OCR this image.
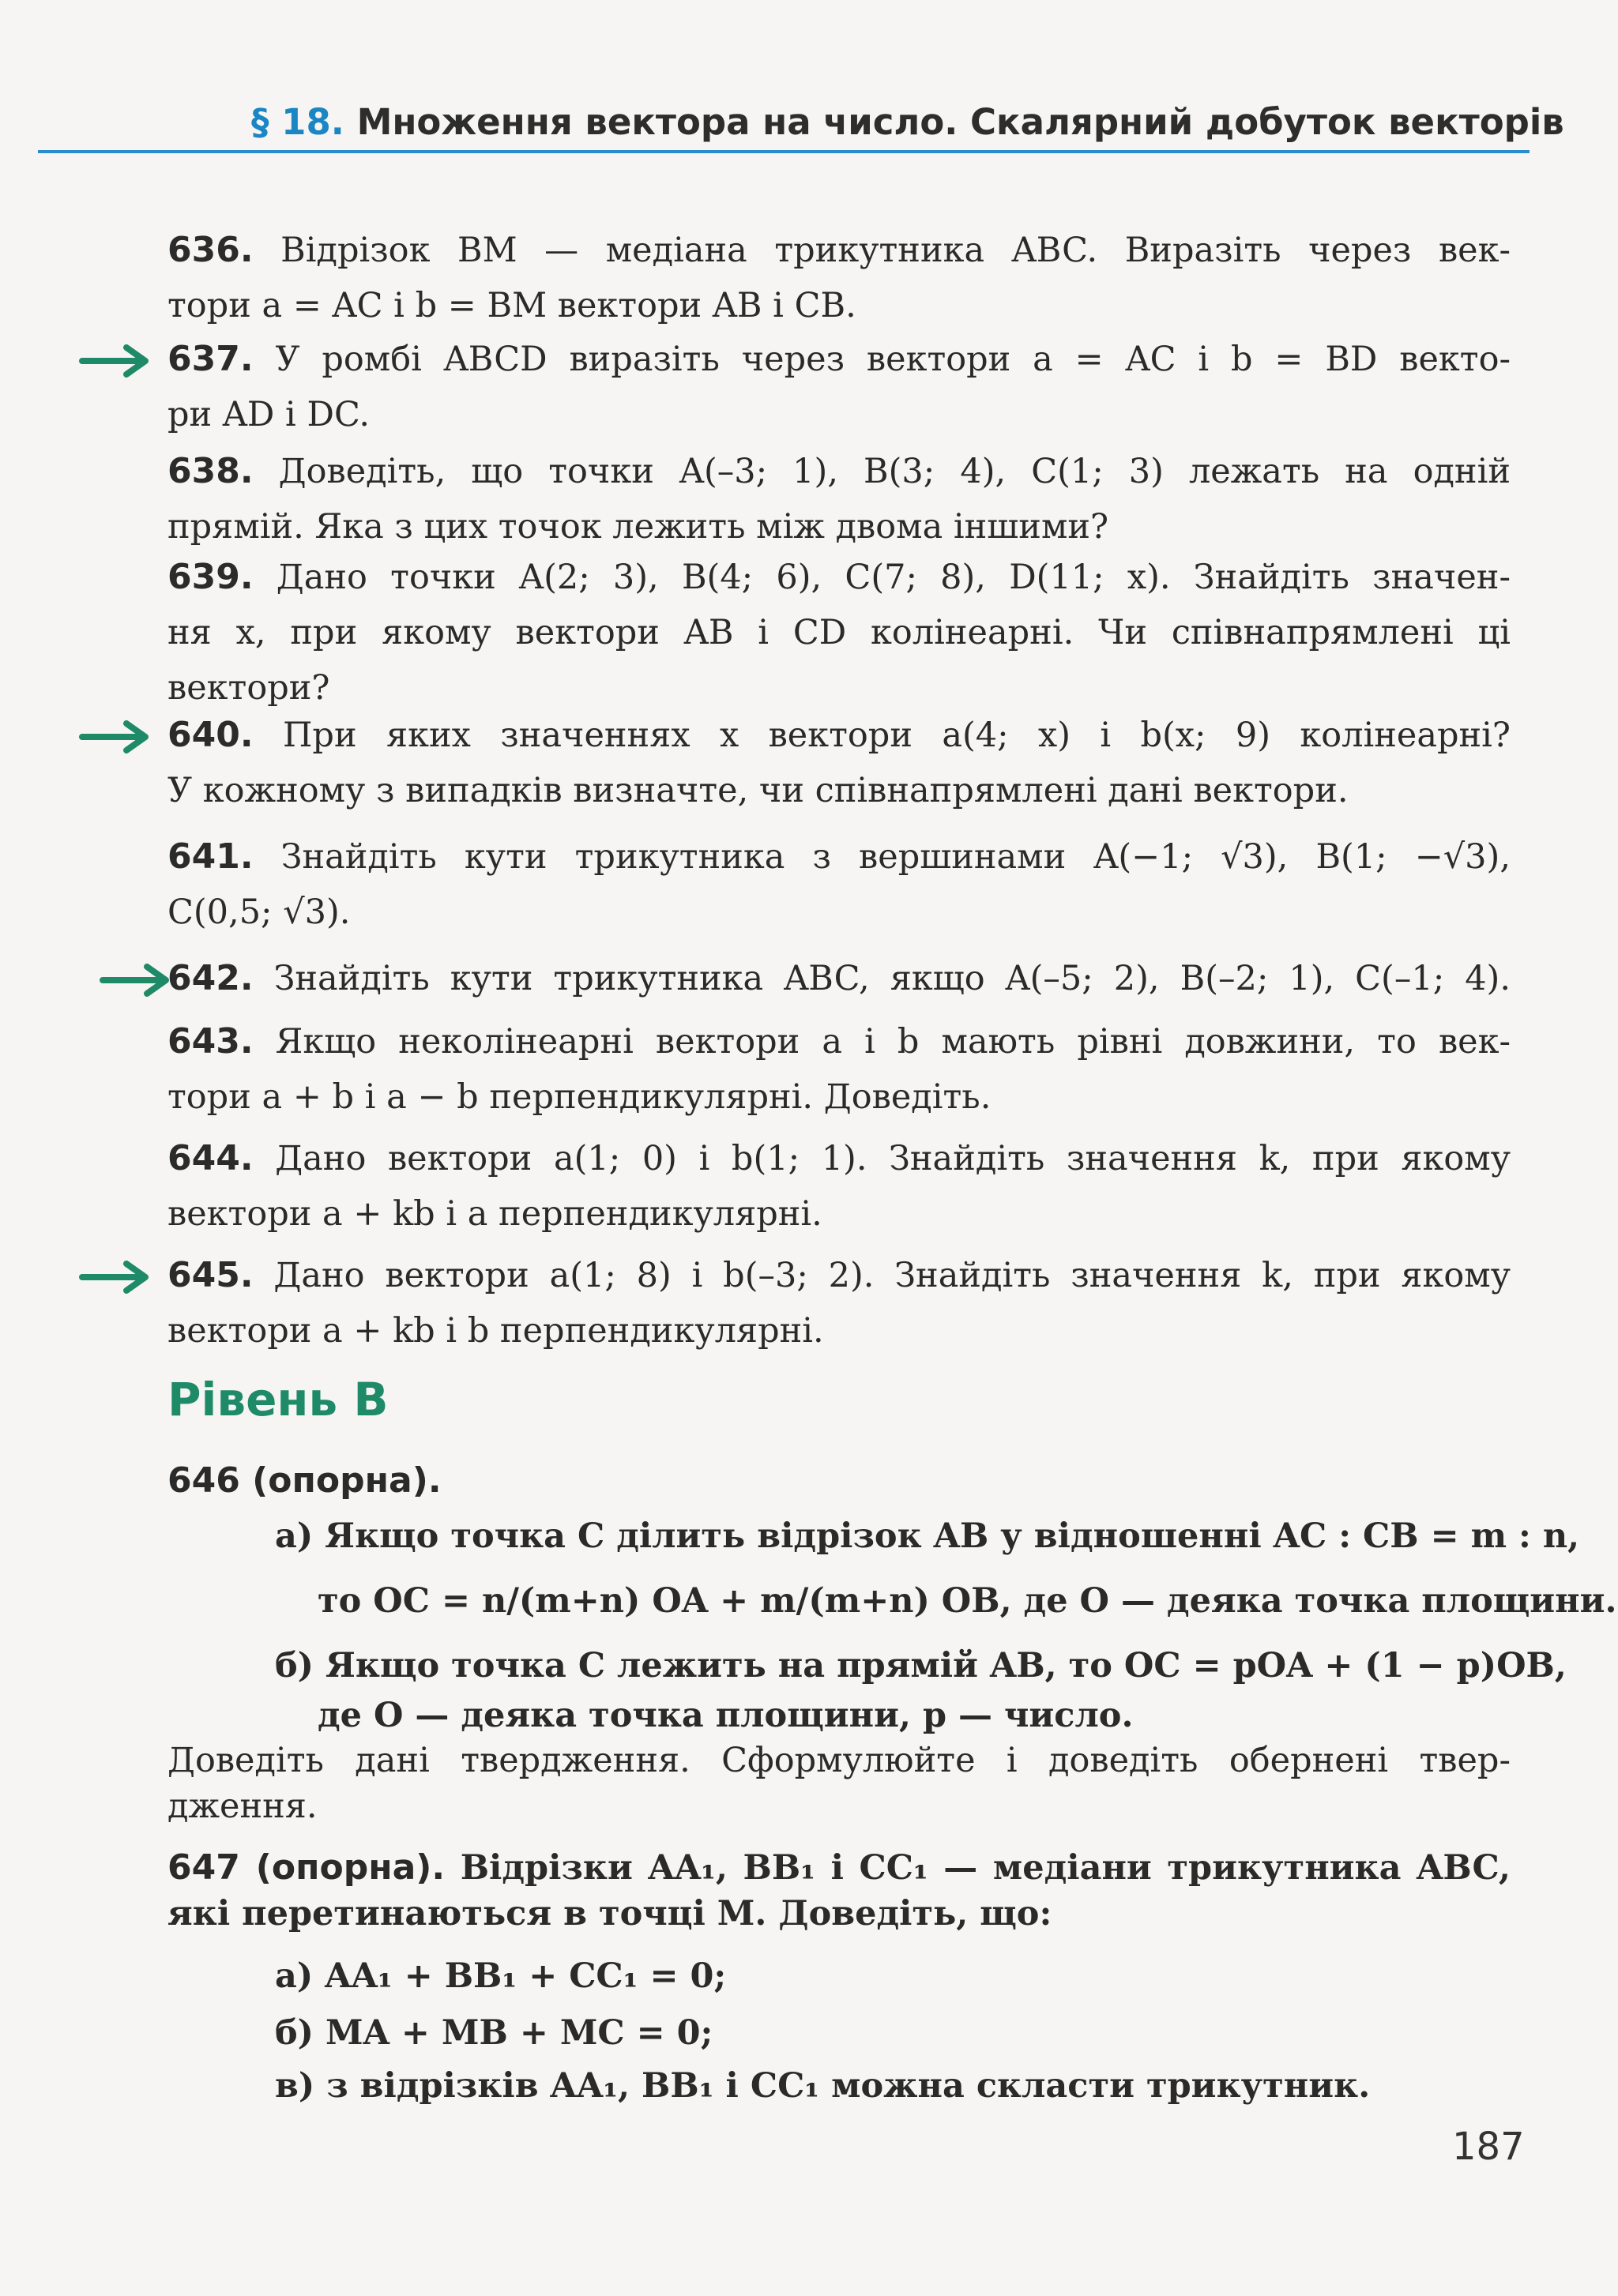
§ 18. Множення вектора на число. Скалярний добуток векторів
636. Відрізок BM — медіана трикутника ABC. Виразіть через век-
тори a = AC і b = BM вектори AB і CB.
637. У ромбі ABCD виразіть через вектори a = AC і b = BD векто-
ри AD і DC.
638. Доведіть, що точки A(–3; 1), B(3; 4), C(1; 3) лежать на одній
прямій. Яка з цих точок лежить між двома іншими?
639. Дано точки A(2; 3), B(4; 6), C(7; 8), D(11; x). Знайдіть значен-
ня x, при якому вектори AB і CD колінеарні. Чи співнапрямлені ці
вектори?
640. При яких значеннях x вектори a(4; x) і b(x; 9) колінеарні?
У кожному з випадків визначте, чи співнапрямлені дані вектори.
641. Знайдіть кути трикутника з вершинами A(−1; √3), B(1; −√3),
C(0,5; √3).
642. Знайдіть кути трикутника ABC, якщо A(–5; 2), B(–2; 1), C(–1; 4).
643. Якщо неколінеарні вектори a і b мають рівні довжини, то век-
тори a + b і a − b перпендикулярні. Доведіть.
644. Дано вектори a(1; 0) і b(1; 1). Знайдіть значення k, при якому
вектори a + kb і a перпендикулярні.
645. Дано вектори a(1; 8) і b(–3; 2). Знайдіть значення k, при якому
вектори a + kb і b перпендикулярні.
Рівень В
646 (опорна).
а) Якщо точка C ділить відрізок AB у відношенні AC : CB = m : n,
то OC = n/(m+n) OA + m/(m+n) OB, де O — деяка точка площини.
б) Якщо точка C лежить на прямій AB, то OC = pOA + (1 − p)OB,
де O — деяка точка площини, p — число.
Доведіть дані твердження. Сформулюйте і доведіть обернені твер-
дження.
647 (опорна). Відрізки AA₁, BB₁ і CC₁ — медіани трикутника ABC,
які перетинаються в точці M. Доведіть, що:
а) AA₁ + BB₁ + CC₁ = 0;
б) MA + MB + MC = 0;
в) з відрізків AA₁, BB₁ і CC₁ можна скласти трикутник.
187
